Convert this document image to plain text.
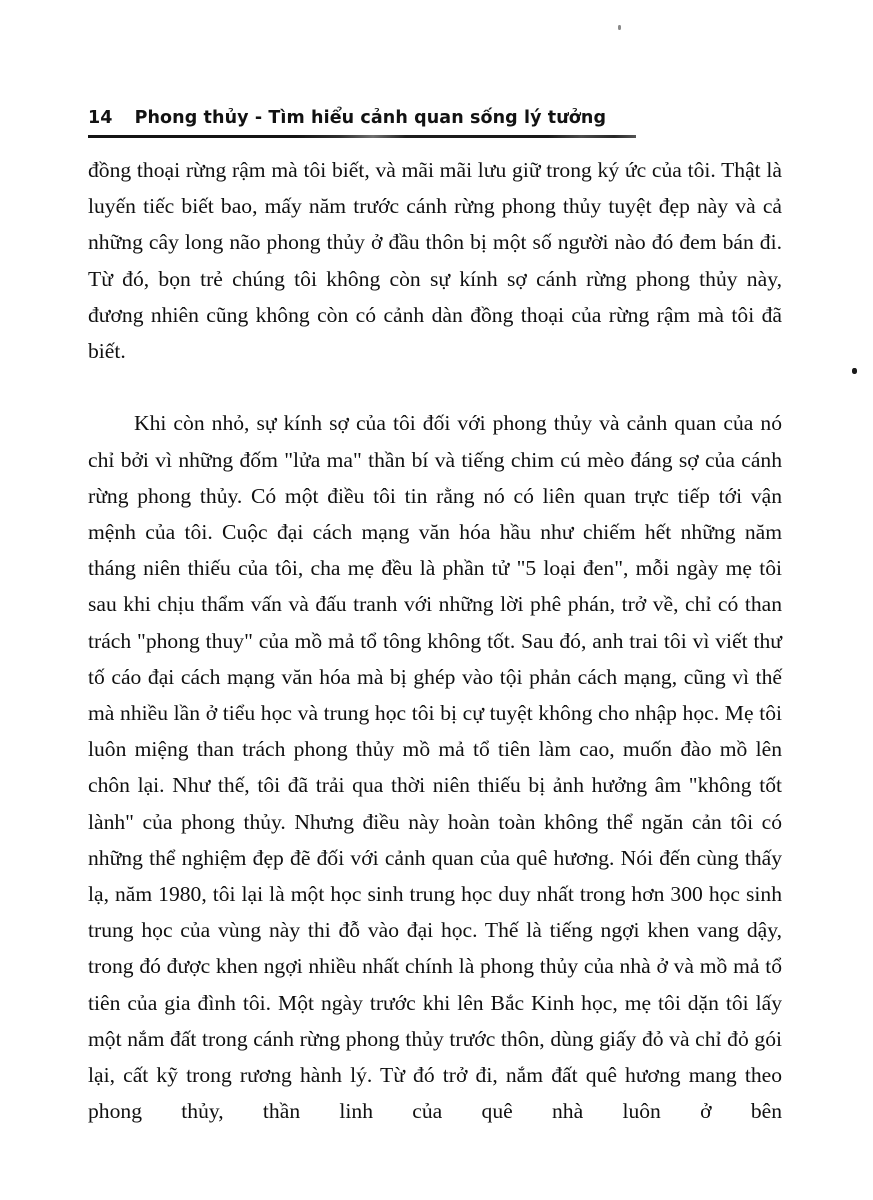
14 Phong thủy - Tìm hiểu cảnh quan sống lý tưởng

đồng thoại rừng rậm mà tôi biết, và mãi mãi lưu giữ trong ký ức của tôi. Thật là luyến tiếc biết bao, mấy năm trước cánh rừng phong thủy tuyệt đẹp này và cả những cây long não phong thủy ở đầu thôn bị một số người nào đó đem bán đi. Từ đó, bọn trẻ chúng tôi không còn sự kính sợ cánh rừng phong thủy này, đương nhiên cũng không còn có cảnh dàn đồng thoại của rừng rậm mà tôi đã biết.

Khi còn nhỏ, sự kính sợ của tôi đối với phong thủy và cảnh quan của nó chỉ bởi vì những đốm "lửa ma" thần bí và tiếng chim cú mèo đáng sợ của cánh rừng phong thủy. Có một điều tôi tin rằng nó có liên quan trực tiếp tới vận mệnh của tôi. Cuộc đại cách mạng văn hóa hầu như chiếm hết những năm tháng niên thiếu của tôi, cha mẹ đều là phần tử "5 loại đen", mỗi ngày mẹ tôi sau khi chịu thẩm vấn và đấu tranh với những lời phê phán, trở về, chỉ có than trách "phong thuy" của mồ mả tổ tông không tốt. Sau đó, anh trai tôi vì viết thư tố cáo đại cách mạng văn hóa mà bị ghép vào tội phản cách mạng, cũng vì thế mà nhiều lần ở tiểu học và trung học tôi bị cự tuyệt không cho nhập học. Mẹ tôi luôn miệng than trách phong thủy mồ mả tổ tiên làm cao, muốn đào mồ lên chôn lại. Như thế, tôi đã trải qua thời niên thiếu bị ảnh hưởng âm "không tốt lành" của phong thủy. Nhưng điều này hoàn toàn không thể ngăn cản tôi có những thể nghiệm đẹp đẽ đối với cảnh quan của quê hương. Nói đến cùng thấy lạ, năm 1980, tôi lại là một học sinh trung học duy nhất trong hơn 300 học sinh trung học của vùng này thi đỗ vào đại học. Thế là tiếng ngợi khen vang dậy, trong đó được khen ngợi nhiều nhất chính là phong thủy của nhà ở và mồ mả tổ tiên của gia đình tôi. Một ngày trước khi lên Bắc Kinh học, mẹ tôi dặn tôi lấy một nắm đất trong cánh rừng phong thủy trước thôn, dùng giấy đỏ và chỉ đỏ gói lại, cất kỹ trong rương hành lý. Từ đó trở đi, nắm đất quê hương mang theo phong thủy, thần linh của quê nhà luôn ở bên
